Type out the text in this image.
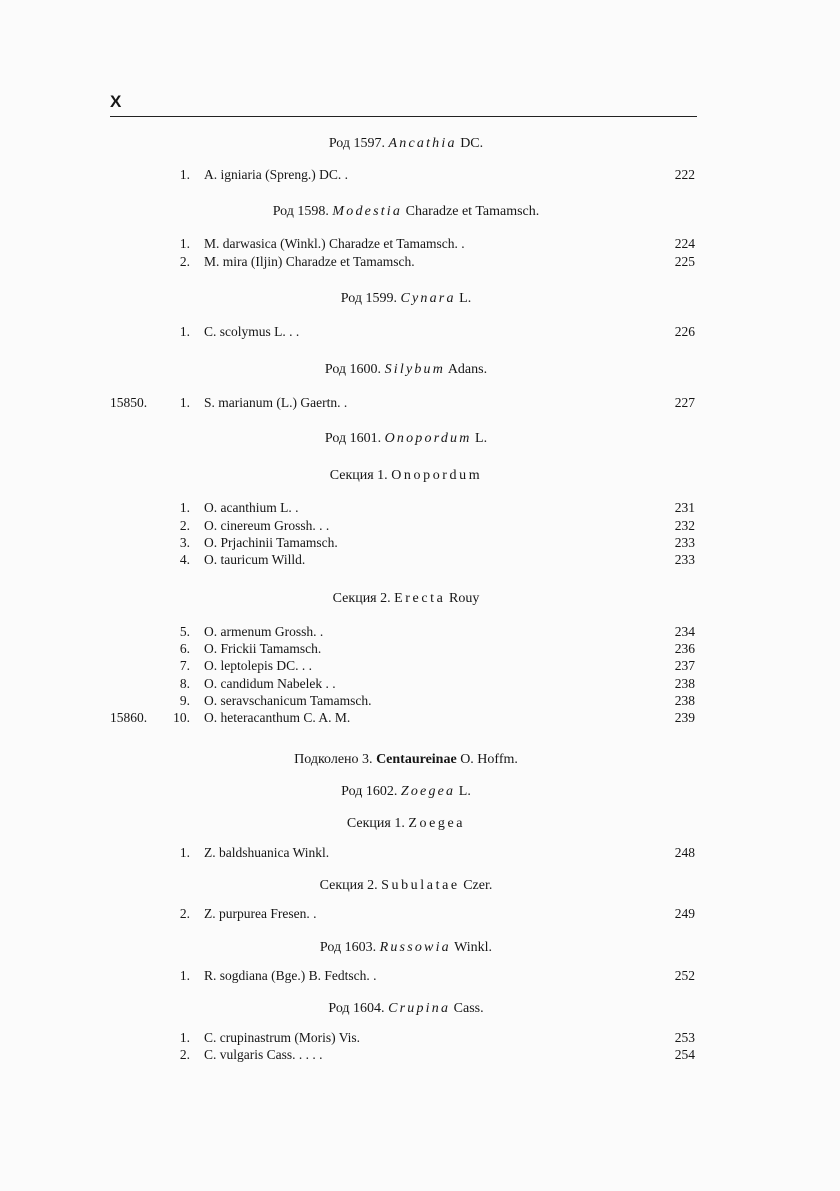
X
Род 1597. Ancathia DC.
1. A. igniaria (Spreng.) DC. .	222
Род 1598. Modestia Charadze et Tamamsch.
1. M. darwasica (Winkl.) Charadze et Tamamsch. .	224
2. M. mira (Iljin) Charadze et Tamamsch.	225
Род 1599. Cynara L.
1. C. scolymus L. . .	226
Род 1600. Silybum Adans.
15850.	1. S. marianum (L.) Gaertn. .	227
Род 1601. Onopordum L.
Секция 1. Onopordum
1. O. acanthium L. .	231
2. O. cinereum Grossh. . .	232
3. O. Prjachinii Tamamsch.	233
4. O. tauricum Willd.	233
Секция 2. Erecta Rouy
5. O. armenum Grossh. .	234
6. O. Frickii Tamamsch.	236
7. O. leptolepis DC. . .	237
8. O. candidum Nabelek . .	238
9. O. seravschanicum Tamamsch.	238
15860. 10. O. heteracanthum C. A. M.	239
Подколено 3. Centaureinae O. Hoffm.
Род 1602. Zoegea L.
Секция 1. Zoegea
1. Z. baldshuanica Winkl.	248
Секция 2. Subulatae Czer.
2. Z. purpurea Fresen. .	249
Род 1603. Russowia Winkl.
1. R. sogdiana (Bge.) B. Fedtsch. .	252
Род 1604. Crupina Cass.
1. C. crupinastrum (Moris) Vis.	253
2. C. vulgaris Cass. . . . .	254
